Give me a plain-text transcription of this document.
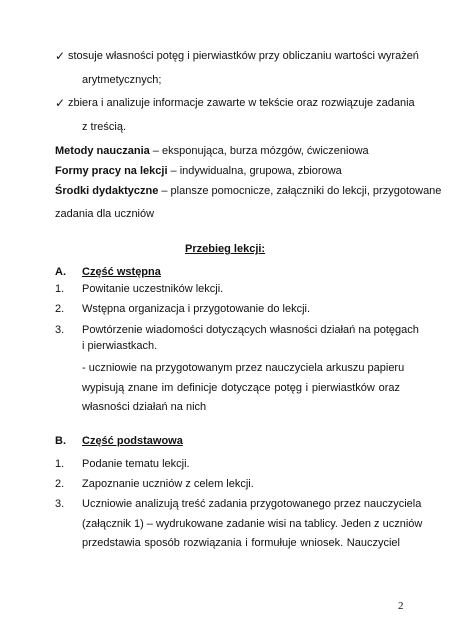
✓ stosuje własności potęg i pierwiastków przy obliczaniu wartości wyrażeń
arytmetycznych;
✓ zbiera i analizuje informacje zawarte w tekście oraz rozwiązuje zadania
z treścią.
Metody nauczania – eksponująca, burza mózgów, ćwiczeniowa
Formy pracy na lekcji – indywidualna, grupowa, zbiorowa
Środki dydaktyczne – plansze pomocnicze, załączniki do lekcji, przygotowane
zadania dla uczniów
Przebieg lekcji:
A. Część wstępna
1. Powitanie uczestników lekcji.
2. Wstępna organizacja i przygotowanie do lekcji.
3. Powtórzenie wiadomości dotyczących własności działań na potęgach
i pierwiastkach.
- uczniowie na przygotowanym przez nauczyciela arkuszu papieru
wypisują znane im definicje dotyczące potęg i pierwiastków oraz
własności działań na nich
B. Część podstawowa
1. Podanie tematu lekcji.
2. Zapoznanie uczniów z celem lekcji.
3. Uczniowie analizują treść zadania przygotowanego przez nauczyciela
(załącznik 1) – wydrukowane zadanie wisi na tablicy. Jeden z uczniów
przedstawia sposób rozwiązania i formułuje wniosek. Nauczyciel
2
